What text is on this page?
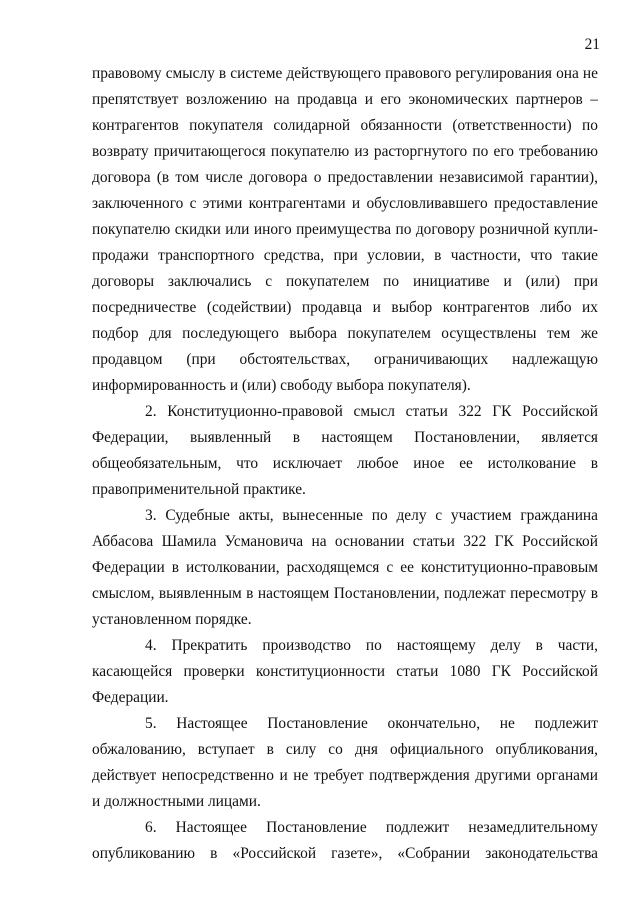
21

правовому смыслу в системе действующего правового регулирования она не препятствует возложению на продавца и его экономических партнеров – контрагентов покупателя солидарной обязанности (ответственности) по возврату причитающегося покупателю из расторгнутого по его требованию договора (в том числе договора о предоставлении независимой гарантии), заключенного с этими контрагентами и обусловливавшего предоставление покупателю скидки или иного преимущества по договору розничной купли-продажи транспортного средства, при условии, в частности, что такие договоры заключались с покупателем по инициативе и (или) при посредничестве (содействии) продавца и выбор контрагентов либо их подбор для последующего выбора покупателем осуществлены тем же продавцом (при обстоятельствах, ограничивающих надлежащую информированность и (или) свободу выбора покупателя).

2. Конституционно-правовой смысл статьи 322 ГК Российской Федерации, выявленный в настоящем Постановлении, является общеобязательным, что исключает любое иное ее истолкование в правоприменительной практике.

3. Судебные акты, вынесенные по делу с участием гражданина Аббасова Шамила Усмановича на основании статьи 322 ГК Российской Федерации в истолковании, расходящемся с ее конституционно-правовым смыслом, выявленным в настоящем Постановлении, подлежат пересмотру в установленном порядке.

4. Прекратить производство по настоящему делу в части, касающейся проверки конституционности статьи 1080 ГК Российской Федерации.

5. Настоящее Постановление окончательно, не подлежит обжалованию, вступает в силу со дня официального опубликования, действует непосредственно и не требует подтверждения другими органами и должностными лицами.

6. Настоящее Постановление подлежит незамедлительному опубликованию в «Российской газете», «Собрании законодательства
